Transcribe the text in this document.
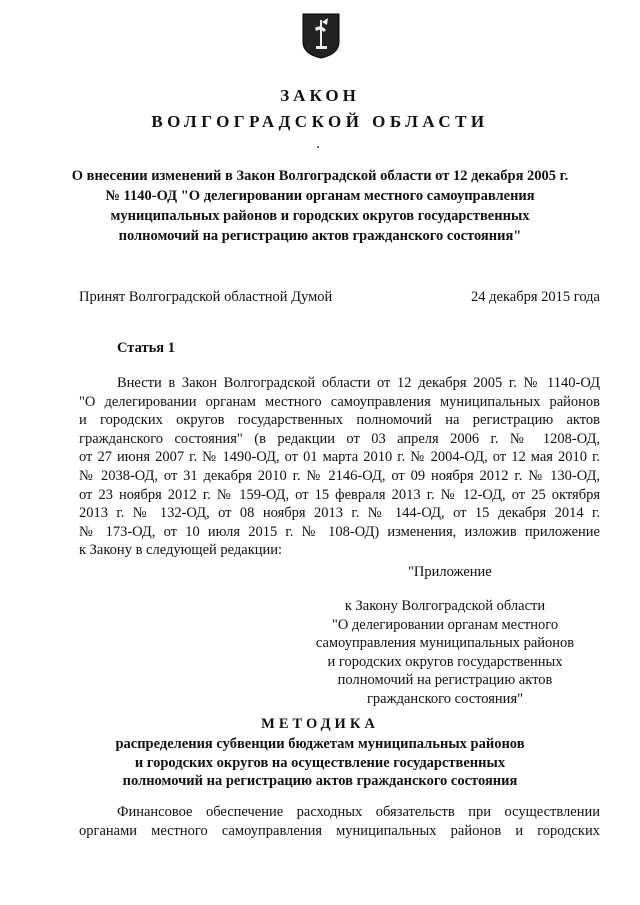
ЗАКОН
ВОЛГОГРАДСКОЙ ОБЛАСТИ
О внесении изменений в Закон Волгоградской области от 12 декабря 2005 г.
№ 1140-ОД "О делегировании органам местного самоуправления
муниципальных районов и городских округов государственных
полномочий на регистрацию актов гражданского состояния"
Принят Волгоградской областной Думой	24 декабря 2015 года
Статья 1
Внести в Закон Волгоградской области от 12 декабря 2005 г. № 1140-ОД
"О делегировании органам местного самоуправления муниципальных районов
и городских округов государственных полномочий на регистрацию актов
гражданского состояния" (в редакции от 03 апреля 2006 г. № 1208-ОД,
от 27 июня 2007 г. № 1490-ОД, от 01 марта 2010 г. № 2004-ОД, от 12 мая 2010 г.
№ 2038-ОД, от 31 декабря 2010 г. № 2146-ОД, от 09 ноября 2012 г. № 130-ОД,
от 23 ноября 2012 г. № 159-ОД, от 15 февраля 2013 г. № 12-ОД, от 25 октября
2013 г. № 132-ОД, от 08 ноября 2013 г. № 144-ОД, от 15 декабря 2014 г.
№ 173-ОД, от 10 июля 2015 г. № 108-ОД) изменения, изложив приложение
к Закону в следующей редакции:
"Приложение
к Закону Волгоградской области
"О делегировании органам местного
самоуправления муниципальных районов
и городских округов государственных
полномочий на регистрацию актов
гражданского состояния"
МЕТОДИКА
распределения субвенции бюджетам муниципальных районов
и городских округов на осуществление государственных
полномочий на регистрацию актов гражданского состояния
Финансовое обеспечение расходных обязательств при осуществлении
органами местного самоуправления муниципальных районов и городских
